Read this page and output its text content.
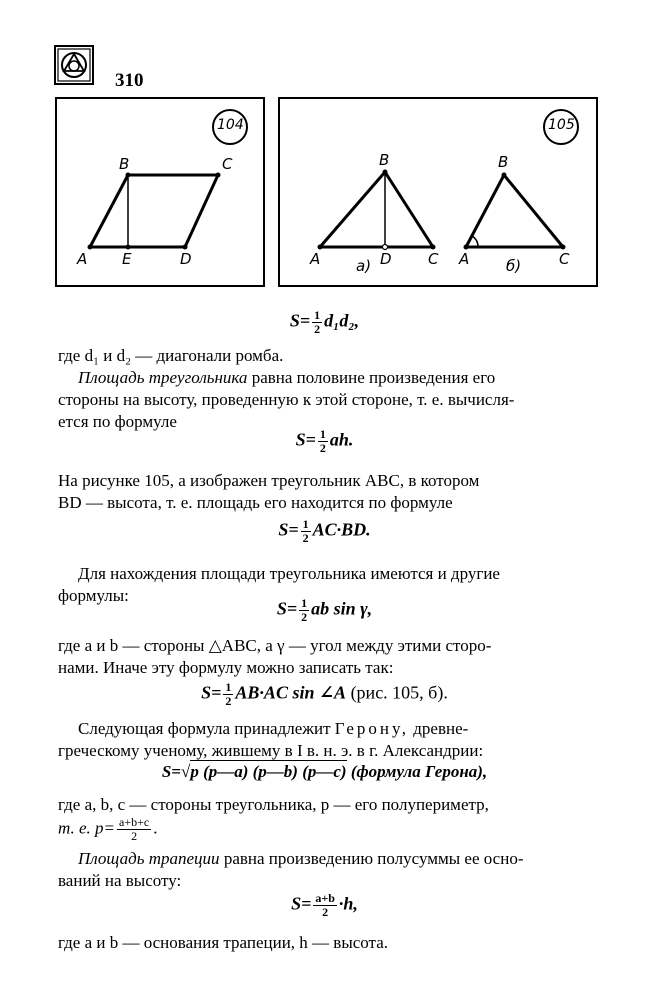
310
104
B	C
A E	D
105
B
A	D C
а)
B
A	C
б)
$S= \frac{1}{2} d_1d_2$,
где d₁ и d₂ — диагонали ромба.
Площадь треугольника равна половине произведения его
стороны на высоту, проведенную к этой стороне, т. е. вычисля-
ется по формуле
$S= \frac{1}{2}$ ah.
На рисунке 105, а изображен треугольник ABC, в котором
BD — высота, т. е. площадь его находится по формуле
$S= \frac{1}{2} AC\cdot BD$.
Для нахождения площади треугольника имеются и другие
формулы:
$S= \frac{1}{2}$ ab sin γ,
где a и b — стороны △ABC, а γ — угол между этими сторо-
нами. Иначе эту формулу можно записать так:
$S= \frac{1}{2} AB\cdot AC$ sin ∠A (рис. 105, б).
Следующая формула принадлежит Герону, древне-
греческому ученому, жившему в I в. н. э. в г. Александрии:
S=√p (p—a) (p—b) (p—c) (формула Герона),
где a, b, c — стороны треугольника, p — его полупериметр,
т. е. $p= \frac{a+b+c}{2}$ .
Площадь трапеции равна произведению полусуммы ее осно-
ваний на высоту:
$S= \frac{a+b}{2} \cdot h$,
где a и b — основания трапеции, h — высота.
